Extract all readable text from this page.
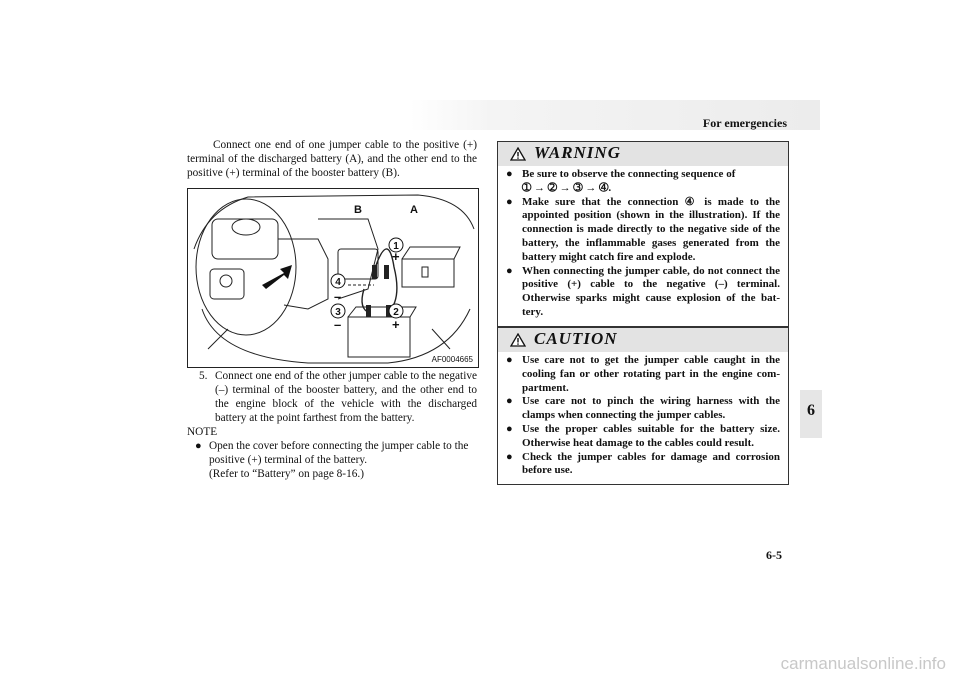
For emergencies
6
6-5

Connect one end of one jumper cable to the positive (+) terminal of the discharged battery (A), and the other end to the positive (+) terminal of the booster battery (B).

B	A
1
+
4
–
3
–
2
+
AF0004665
5. Connect one end of the other jumper cable to the negative (–) terminal of the booster battery, and the other end to the engine block of the vehicle with the discharged battery at the point farthest from the battery.
NOTE
● Open the cover before connecting the jumper cable to the positive (+) terminal of the battery.

(Refer to “Battery” on page 8-16.)

WARNING
● Be sure to observe the connecting sequence of

➀ → ➁ → ➂ → ➃.
● Make sure that the connection ④ is made to the appointed position (shown in the illustration). If the connection is made directly to the negative side of the battery, the inflammable gases generated from the battery might catch fire and explode.

● When connecting the jumper cable, do not connect the positive (+) cable to the negative (–) terminal. Otherwise sparks might cause explosion of the bat-tery.

CAUTION
● Use care not to get the jumper cable caught in the cooling fan or other rotating part in the engine com-partment.

● Use care not to pinch the wiring harness with the clamps when connecting the jumper cables.

● Use the proper cables suitable for the battery size. Otherwise heat damage to the cables could result.

● Check the jumper cables for damage and corrosion before use.

carmanualsonline.info
